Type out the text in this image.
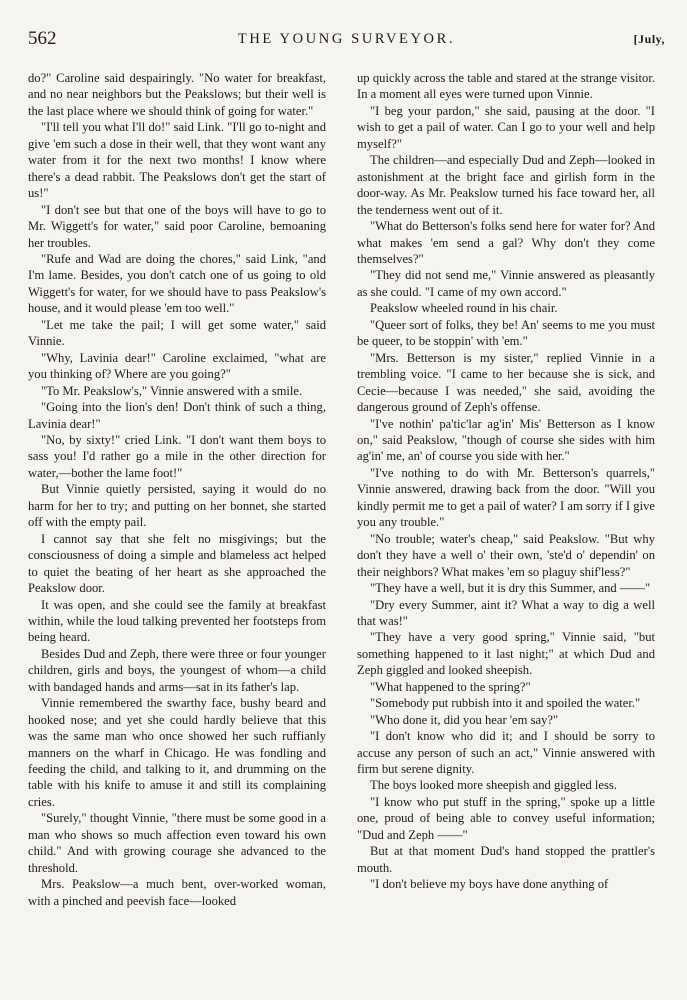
562	THE YOUNG SURVEYOR.	[July,

do?" Caroline said despairingly. "No water for breakfast, and no near neighbors but the Peakslows; but their well is the last place where we should think of going for water."

"I'll tell you what I'll do!" said Link. "I'll go to-night and give 'em such a dose in their well, that they wont want any water from it for the next two months! I know where there's a dead rabbit. The Peakslows don't get the start of us!"

"I don't see but that one of the boys will have to go to Mr. Wiggett's for water," said poor Caroline, bemoaning her troubles.

"Rufe and Wad are doing the chores," said Link, "and I'm lame. Besides, you don't catch one of us going to old Wiggett's for water, for we should have to pass Peakslow's house, and it would please 'em too well."

"Let me take the pail; I will get some water," said Vinnie.

"Why, Lavinia dear!" Caroline exclaimed, "what are you thinking of? Where are you going?"

"To Mr. Peakslow's," Vinnie answered with a smile.

"Going into the lion's den! Don't think of such a thing, Lavinia dear!"

"No, by sixty!" cried Link. "I don't want them boys to sass you! I'd rather go a mile in the other direction for water,—bother the lame foot!"

But Vinnie quietly persisted, saying it would do no harm for her to try; and putting on her bonnet, she started off with the empty pail.

I cannot say that she felt no misgivings; but the consciousness of doing a simple and blameless act helped to quiet the beating of her heart as she approached the Peakslow door.

It was open, and she could see the family at breakfast within, while the loud talking prevented her footsteps from being heard.

Besides Dud and Zeph, there were three or four younger children, girls and boys, the youngest of whom—a child with bandaged hands and arms—sat in its father's lap.

Vinnie remembered the swarthy face, bushy beard and hooked nose; and yet she could hardly believe that this was the same man who once showed her such ruffianly manners on the wharf in Chicago. He was fondling and feeding the child, and talking to it, and drumming on the table with his knife to amuse it and still its complaining cries.

"Surely," thought Vinnie, "there must be some good in a man who shows so much affection even toward his own child." And with growing courage she advanced to the threshold.

Mrs. Peakslow—a much bent, over-worked woman, with a pinched and peevish face—looked

up quickly across the table and stared at the strange visitor. In a moment all eyes were turned upon Vinnie.

"I beg your pardon," she said, pausing at the door. "I wish to get a pail of water. Can I go to your well and help myself?"

The children—and especially Dud and Zeph—looked in astonishment at the bright face and girlish form in the door-way. As Mr. Peakslow turned his face toward her, all the tenderness went out of it.

"What do Betterson's folks send here for water for? And what makes 'em send a gal? Why don't they come themselves?"

"They did not send me," Vinnie answered as pleasantly as she could. "I came of my own accord."

Peakslow wheeled round in his chair.

"Queer sort of folks, they be! An' seems to me you must be queer, to be stoppin' with 'em."

"Mrs. Betterson is my sister," replied Vinnie in a trembling voice. "I came to her because she is sick, and Cecie—because I was needed," she said, avoiding the dangerous ground of Zeph's offense.

"I've nothin' pa'tic'lar ag'in' Mis' Betterson as I know on," said Peakslow, "though of course she sides with him ag'in' me, an' of course you side with her."

"I've nothing to do with Mr. Betterson's quarrels," Vinnie answered, drawing back from the door. "Will you kindly permit me to get a pail of water? I am sorry if I give you any trouble."

"No trouble; water's cheap," said Peakslow. "But why don't they have a well o' their own, 'ste'd o' dependin' on their neighbors? What makes 'em so plaguy shif'less?"

"They have a well, but it is dry this Summer, and ——"

"Dry every Summer, aint it? What a way to dig a well that was!"

"They have a very good spring," Vinnie said, "but something happened to it last night;" at which Dud and Zeph giggled and looked sheepish.

"What happened to the spring?"

"Somebody put rubbish into it and spoiled the water."

"Who done it, did you hear 'em say?"

"I don't know who did it; and I should be sorry to accuse any person of such an act," Vinnie answered with firm but serene dignity.

The boys looked more sheepish and giggled less.

"I know who put stuff in the spring," spoke up a little one, proud of being able to convey useful information; "Dud and Zeph ——"

But at that moment Dud's hand stopped the prattler's mouth.

"I don't believe my boys have done anything of
